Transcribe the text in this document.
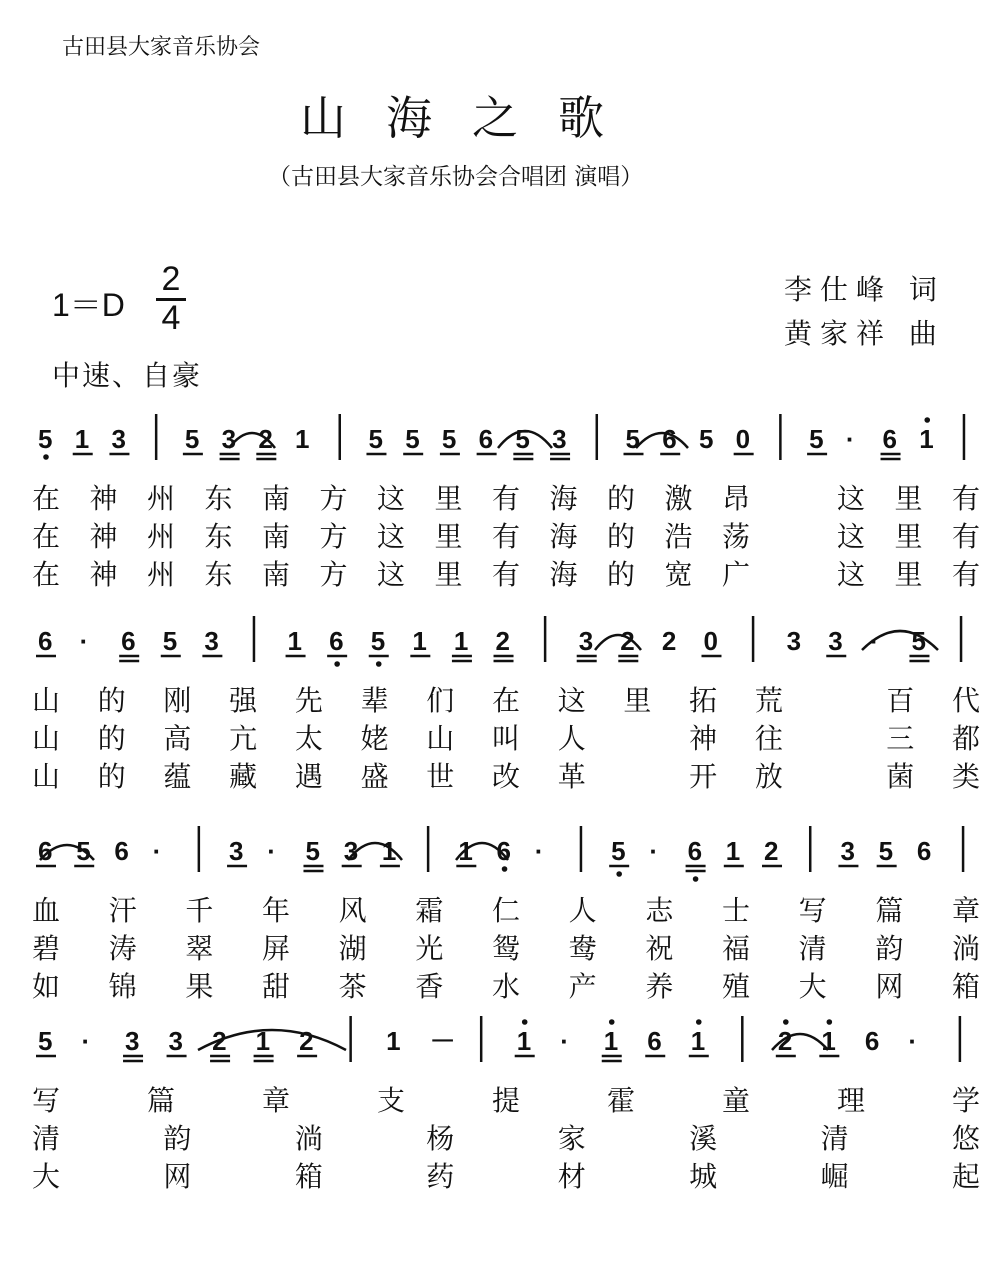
古田县大家音乐协会
山海之歌
（古田县大家音乐协会合唱团 演唱）
1＝D
2
4
李仕峰 词
黄家祥 曲
中速、自豪
5 1 3 5 3 2 1 5 5 5 6 5 3 5 6 5 0 5 · 6 1
在 神 州 东 南 方 这 里 有 海 的 激 昂	这 里 有
在 神 州 东 南 方 这 里 有 海 的 浩 荡	这 里 有
在 神 州 东 南 方 这 里 有 海 的 宽 广	这 里 有
6 · 6 5 3	1 6 5 1 1 2	3 2 2 0	3 3 · 5
山 的 刚 强 先 辈 们 在 这 里 拓 荒	百 代
山 的 高 亢 太 姥 山 叫 人	神 往	三 都
山 的 蕴 藏 遇 盛 世 改 革	开 放	菌 类
6 5 6 ·	3 · 5 3 1 1 6 ·	5 · 6 1 2 3 5 6
血 汗 千 年 风 霜 仁 人 志 士 写 篇 章
碧 涛 翠 屏 湖 光 鸳 鸯 祝 福 清 韵 淌
如 锦 果 甜 茶 香 水 产 养 殖 大 网 箱
5 · 3 3 2 1 2	1 － 1 · 1 6 1	2 1 6 ·
写	篇	章	支	提	霍	童	理	学
清	韵	淌	杨	家	溪	清	悠
大	网	箱	药	材	城	崛	起
